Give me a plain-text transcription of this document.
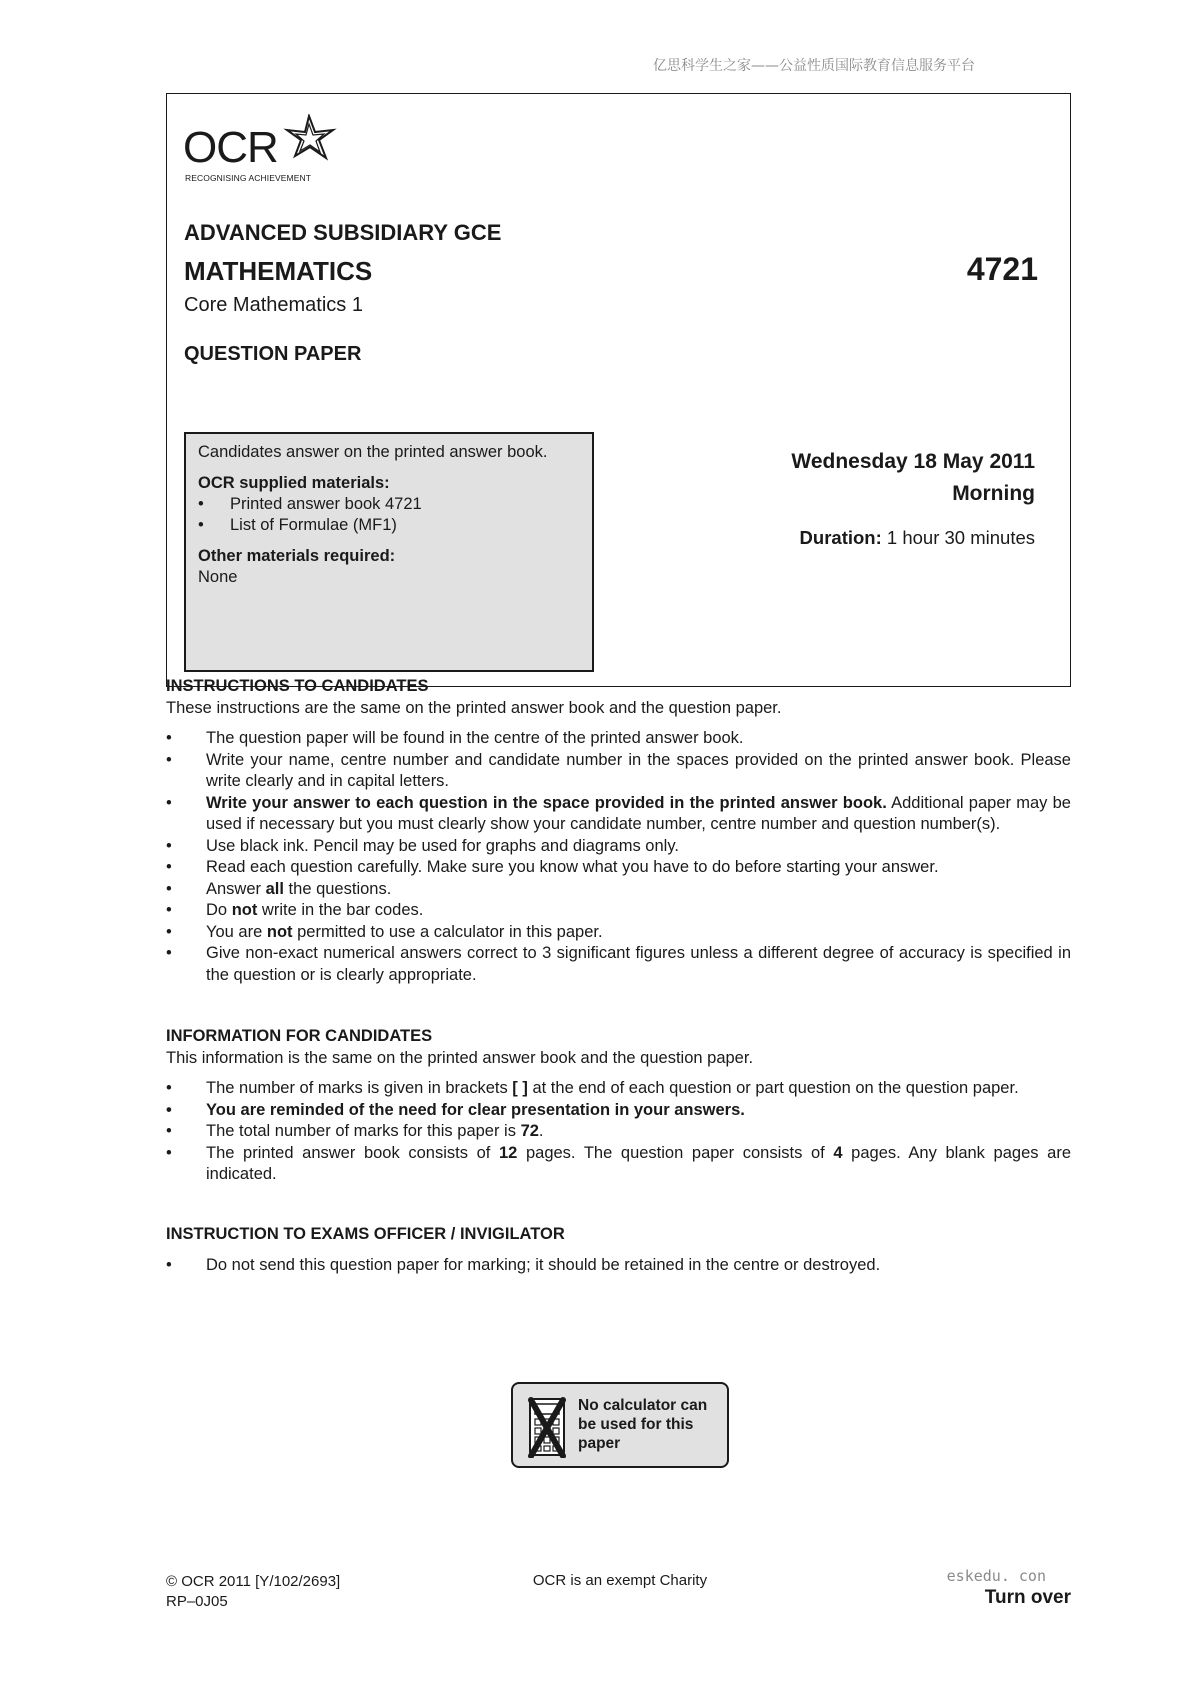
亿思科学生之家——公益性质国际教育信息服务平台
OCR
RECOGNISING ACHIEVEMENT
ADVANCED SUBSIDIARY GCE
MATHEMATICS	4721
Core Mathematics 1
QUESTION PAPER
Candidates answer on the printed answer book.
OCR supplied materials:
• Printed answer book 4721
• List of Formulae (MF1)
Other materials required:
None
Wednesday 18 May 2011
Morning
Duration: 1 hour 30 minutes
INSTRUCTIONS TO CANDIDATES
These instructions are the same on the printed answer book and the question paper.
• The question paper will be found in the centre of the printed answer book.
• Write your name, centre number and candidate number in the spaces provided on the printed answer book. Please write clearly and in capital letters.
• Write your answer to each question in the space provided in the printed answer book. Additional paper may be used if necessary but you must clearly show your candidate number, centre number and question number(s).
• Use black ink. Pencil may be used for graphs and diagrams only.
• Read each question carefully. Make sure you know what you have to do before starting your answer.
• Answer all the questions.
• Do not write in the bar codes.
• You are not permitted to use a calculator in this paper.
• Give non-exact numerical answers correct to 3 significant figures unless a different degree of accuracy is specified in the question or is clearly appropriate.
INFORMATION FOR CANDIDATES
This information is the same on the printed answer book and the question paper.
• The number of marks is given in brackets [ ] at the end of each question or part question on the question paper.
• You are reminded of the need for clear presentation in your answers.
• The total number of marks for this paper is 72.
• The printed answer book consists of 12 pages. The question paper consists of 4 pages. Any blank pages are indicated.
INSTRUCTION TO EXAMS OFFICER / INVIGILATOR
• Do not send this question paper for marking; it should be retained in the centre or destroyed.
No calculator can
be used for this
paper
© OCR 2011 [Y/102/2693]
RP–0J05
OCR is an exempt Charity	eskedu. con
Turn over
